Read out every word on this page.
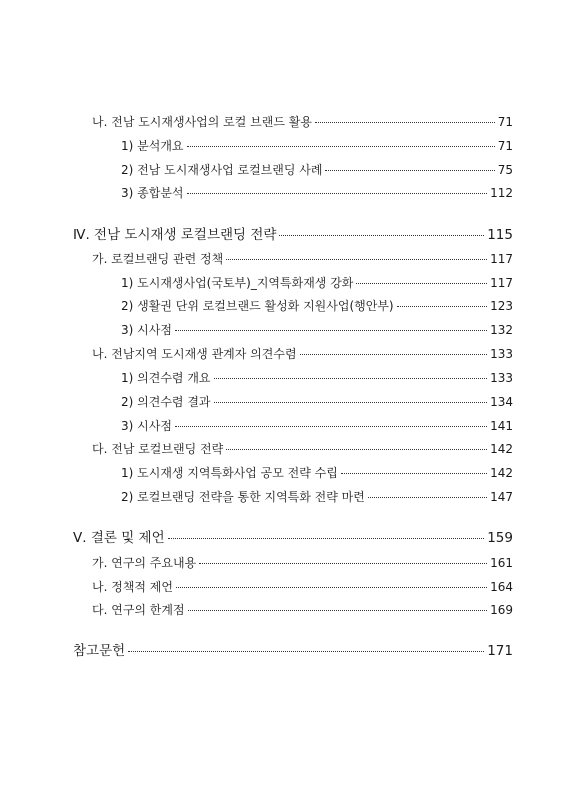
나. 전남 도시재생사업의 로컬 브랜드 활용	71
1) 분석개요	71
2) 전남 도시재생사업 로컬브랜딩 사례	75
3) 종합분석	112
Ⅳ. 전남 도시재생 로컬브랜딩 전략	115
가. 로컬브랜딩 관련 정책	117
1) 도시재생사업(국토부)_지역특화재생 강화	117
2) 생활권 단위 로컬브랜드 활성화 지원사업(행안부)	123
3) 시사점	132
나. 전남지역 도시재생 관계자 의견수렴	133
1) 의견수렴 개요	133
2) 의견수렴 결과	134
3) 시사점	141
다. 전남 로컬브랜딩 전략	142
1) 도시재생 지역특화사업 공모 전략 수립	142
2) 로컬브랜딩 전략을 통한 지역특화 전략 마련	147
Ⅴ. 결론 및 제언	159
가. 연구의 주요내용	161
나. 정책적 제언	164
다. 연구의 한계점	169
참고문헌	171
